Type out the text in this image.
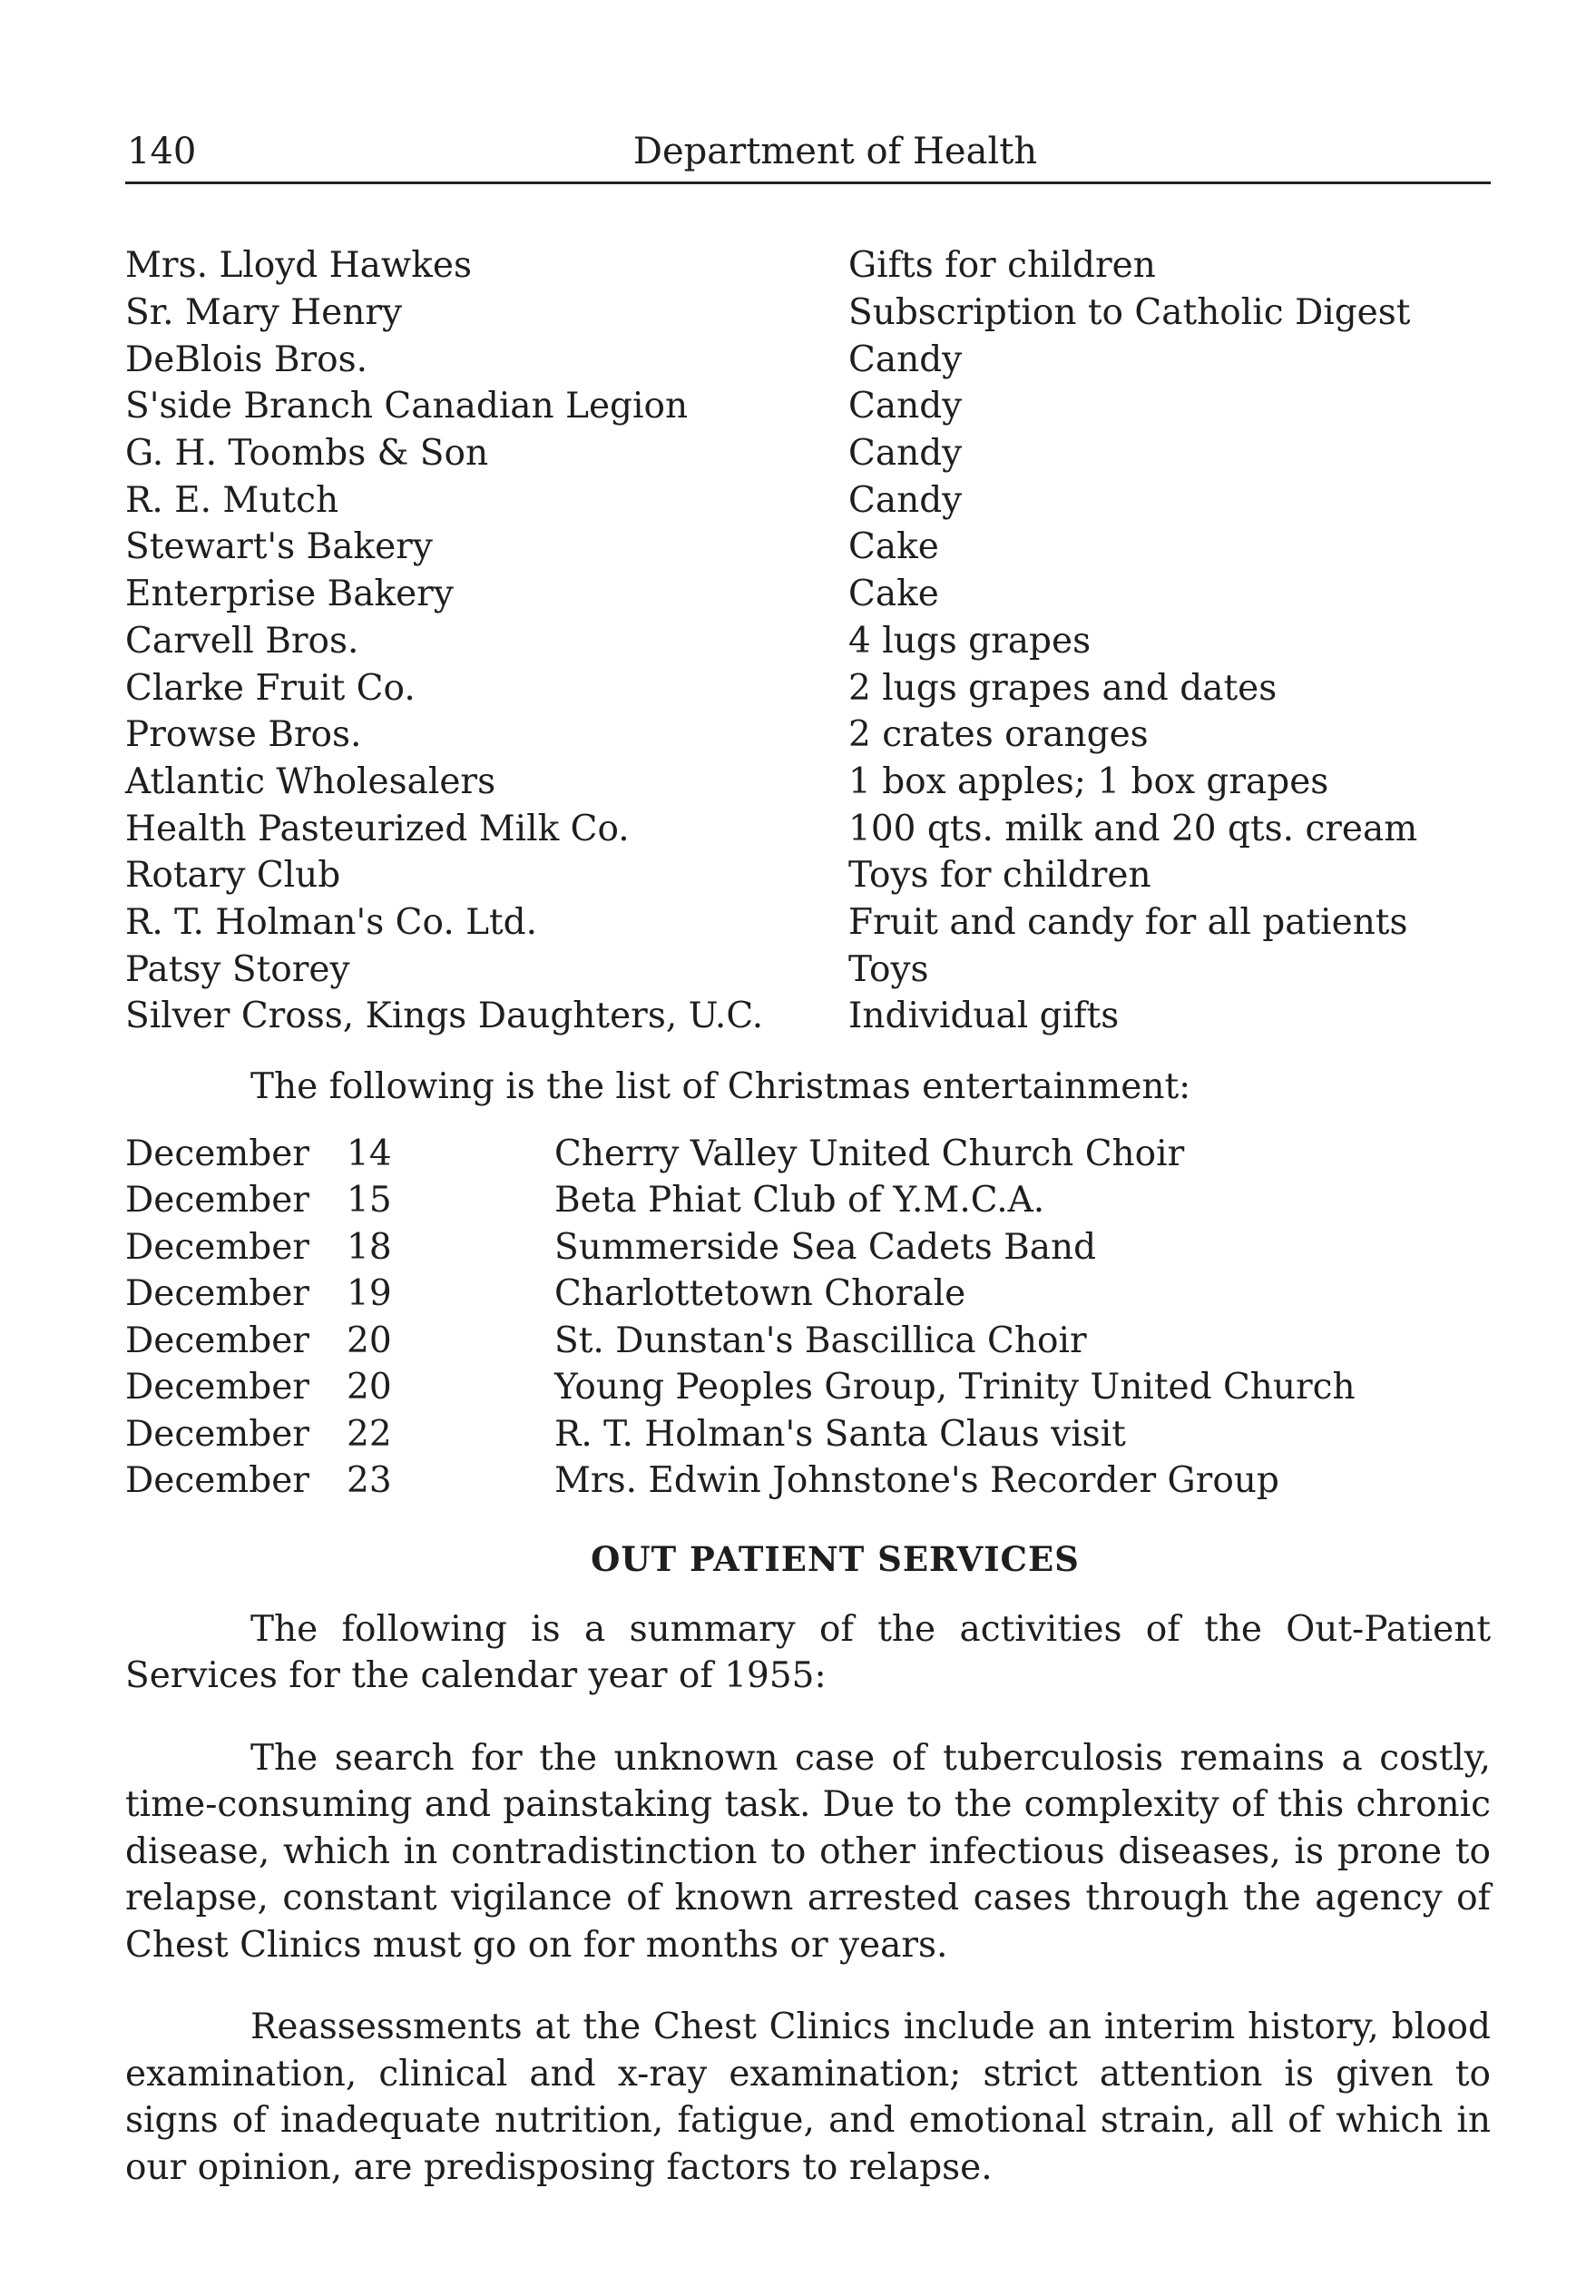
140	Department of Health
Mrs. Lloyd Hawkes	Gifts for children
Sr. Mary Henry	Subscription to Catholic Digest
DeBlois Bros.	Candy
S'side Branch Canadian Legion	Candy
G. H. Toombs & Son	Candy
R. E. Mutch	Candy
Stewart's Bakery	Cake
Enterprise Bakery	Cake
Carvell Bros.	4 lugs grapes
Clarke Fruit Co.	2 lugs grapes and dates
Prowse Bros.	2 crates oranges
Atlantic Wholesalers	1 box apples; 1 box grapes
Health Pasteurized Milk Co.	100 qts. milk and 20 qts. cream
Rotary Club	Toys for children
R. T. Holman's Co. Ltd.	Fruit and candy for all patients
Patsy Storey	Toys
Silver Cross, Kings Daughters, U.C.	Individual gifts
The following is the list of Christmas entertainment:
December	14	Cherry Valley United Church Choir
December	15	Beta Phiat Club of Y.M.C.A.
December	18	Summerside Sea Cadets Band
December	19	Charlottetown Chorale
December	20	St. Dunstan's Bascillica Choir
December	20	Young Peoples Group, Trinity United Church
December	22	R. T. Holman's Santa Claus visit
December	23	Mrs. Edwin Johnstone's Recorder Group
OUT PATIENT SERVICES

The following is a summary of the activities of the Out-Patient Services for the calendar year of 1955:

The search for the unknown case of tuberculosis remains a costly, time-consuming and painstaking task. Due to the complexity of this chronic disease, which in contradistinction to other infectious diseases, is prone to relapse, constant vigilance of known arrested cases through the agency of Chest Clinics must go on for months or years.

Reassessments at the Chest Clinics include an interim history, blood examination, clinical and x-ray examination; strict attention is given to signs of inadequate nutrition, fatigue, and emotional strain, all of which in our opinion, are predisposing factors to relapse.
